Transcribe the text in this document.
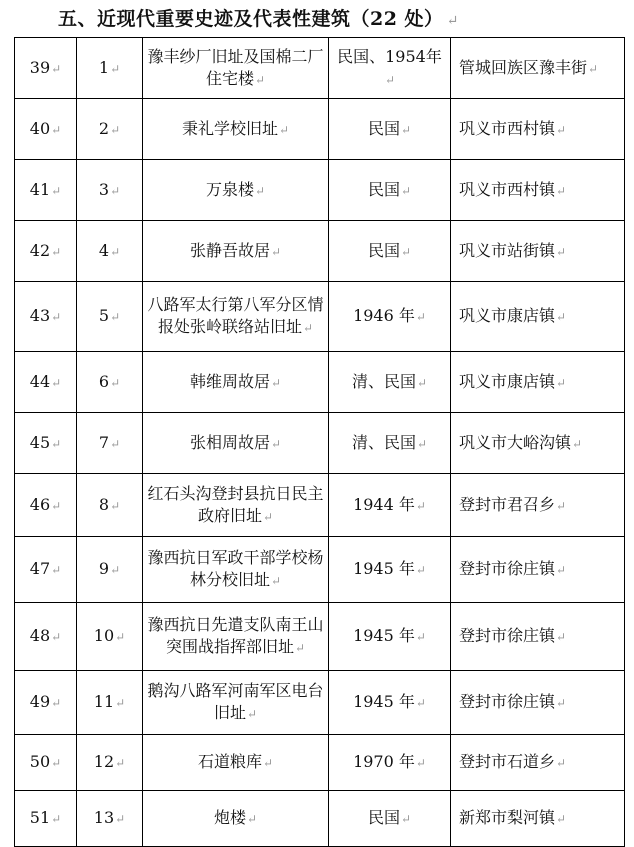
五、近现代重要史迹及代表性建筑（22 处） ↵
39↵	1↵	豫丰纱厂旧址及国棉二厂住宅楼↵	民国、1954年↵	管城回族区豫丰街↵
40↵	2↵	秉礼学校旧址↵	民国↵	巩义市西村镇↵
41↵	3↵	万泉楼↵	民国↵	巩义市西村镇↵
42↵	4↵	张静吾故居↵	民国↵	巩义市站街镇↵
43↵	5↵	八路军太行第八军分区情报处张岭联络站旧址↵	1946 年↵	巩义市康店镇↵
44↵	6↵	韩维周故居↵	清、民国↵	巩义市康店镇↵
45↵	7↵	张相周故居↵	清、民国↵	巩义市大峪沟镇↵
46↵	8↵	红石头沟登封县抗日民主政府旧址↵	1944 年↵	登封市君召乡↵
47↵	9↵	豫西抗日军政干部学校杨林分校旧址↵	1945 年↵	登封市徐庄镇↵
48↵	10↵	豫西抗日先遣支队南王山突围战指挥部旧址↵	1945 年↵	登封市徐庄镇↵
49↵	11↵	鹅沟八路军河南军区电台旧址↵	1945 年↵	登封市徐庄镇↵
50↵	12↵	石道粮库↵	1970 年↵	登封市石道乡↵
51↵	13↵	炮楼↵	民国↵	新郑市梨河镇↵
